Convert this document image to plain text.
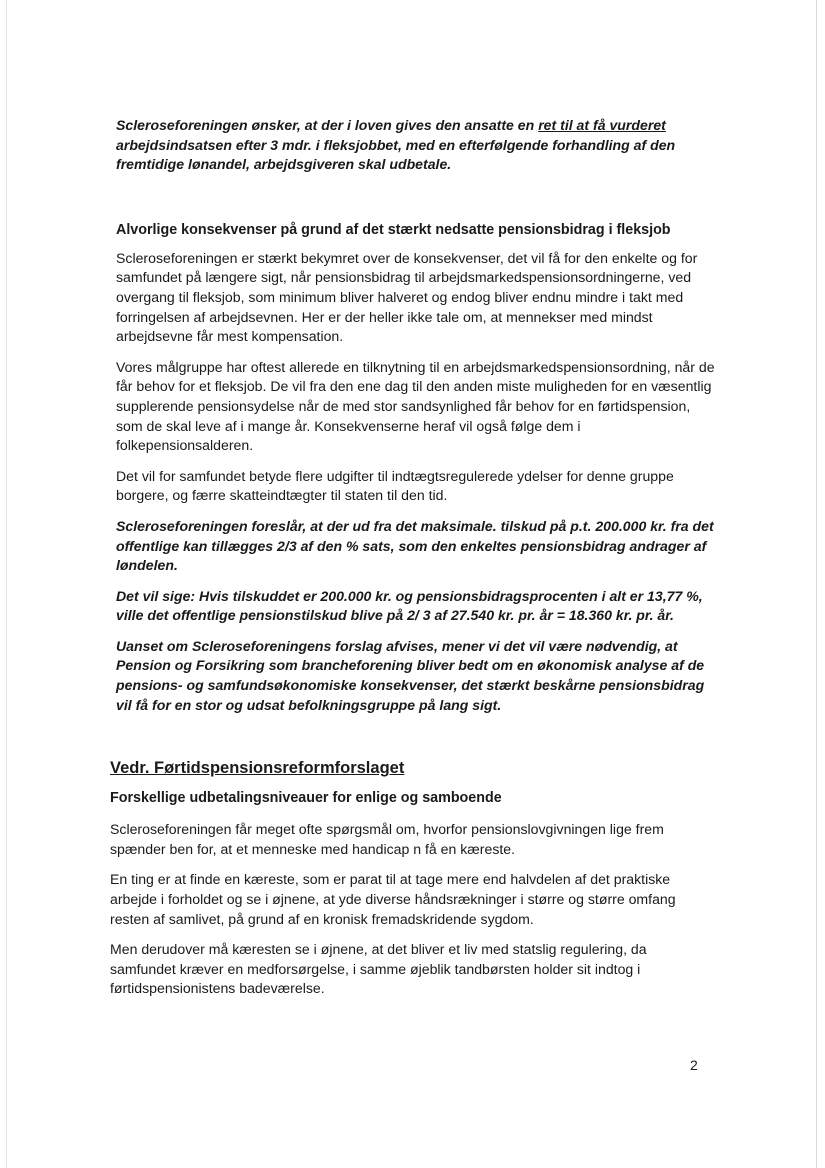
Scleroseforeningen ønsker, at der i loven gives den ansatte en ret til at få vurderet arbejdsindsatsen efter 3 mdr. i fleksjobbet, med en efterfølgende forhandling af den fremtidige lønandel, arbejdsgiveren skal udbetale.

Alvorlige konsekvenser på grund af det stærkt nedsatte pensionsbidrag i fleksjob

Scleroseforeningen er stærkt bekymret over de konsekvenser, det vil få for den enkelte og for samfundet på længere sigt, når pensionsbidrag til arbejdsmarkedspensionsordningerne, ved overgang til fleksjob, som minimum bliver halveret og endog bliver endnu mindre i takt med forringelsen af arbejdsevnen. Her er der heller ikke tale om, at mennekser med mindst arbejdsevne får mest kompensation.

Vores målgruppe har oftest allerede en tilknytning til en arbejdsmarkedspensionsordning, når de får behov for et fleksjob. De vil fra den ene dag til den anden miste muligheden for en væsentlig supplerende pensionsydelse når de med stor sandsynlighed får behov for en førtidspension, som de skal leve af i mange år. Konsekvenserne heraf vil også følge dem i folkepensionsalderen.

Det vil for samfundet betyde flere udgifter til indtægtsregulerede ydelser for denne gruppe borgere, og færre skatteindtægter til staten til den tid.

Scleroseforeningen foreslår, at der ud fra det maksimale. tilskud på p.t. 200.000 kr. fra det offentlige kan tillægges 2/3 af den % sats, som den enkeltes pensionsbidrag andrager af løndelen.

Det vil sige: Hvis tilskuddet er 200.000 kr. og pensionsbidragsprocenten i alt er 13,77 %, ville det offentlige pensionstilskud blive på 2/ 3 af 27.540 kr. pr. år = 18.360 kr. pr. år.

Uanset om Scleroseforeningens forslag afvises, mener vi det vil være nødvendig, at Pension og Forsikring som brancheforening bliver bedt om en økonomisk analyse af de pensions- og samfundsøkonomiske konsekvenser, det stærkt beskårne pensionsbidrag vil få for en stor og udsat befolkningsgruppe på lang sigt.

Vedr. Førtidspensionsreformforslaget
Forskellige udbetalingsniveauer for enlige og samboende

Scleroseforeningen får meget ofte spørgsmål om, hvorfor pensionslovgivningen lige frem spænder ben for, at et menneske med handicap n få en kæreste.

En ting er at finde en kæreste, som er parat til at tage mere end halvdelen af det praktiske arbejde i forholdet og se i øjnene, at yde diverse håndsrækninger i større og større omfang resten af samlivet, på grund af en kronisk fremadskridende sygdom.

Men derudover må kæresten se i øjnene, at det bliver et liv med statslig regulering, da samfundet kræver en medforsørgelse, i samme øjeblik tandbørsten holder sit indtog i førtidspensionistens badeværelse.

2
